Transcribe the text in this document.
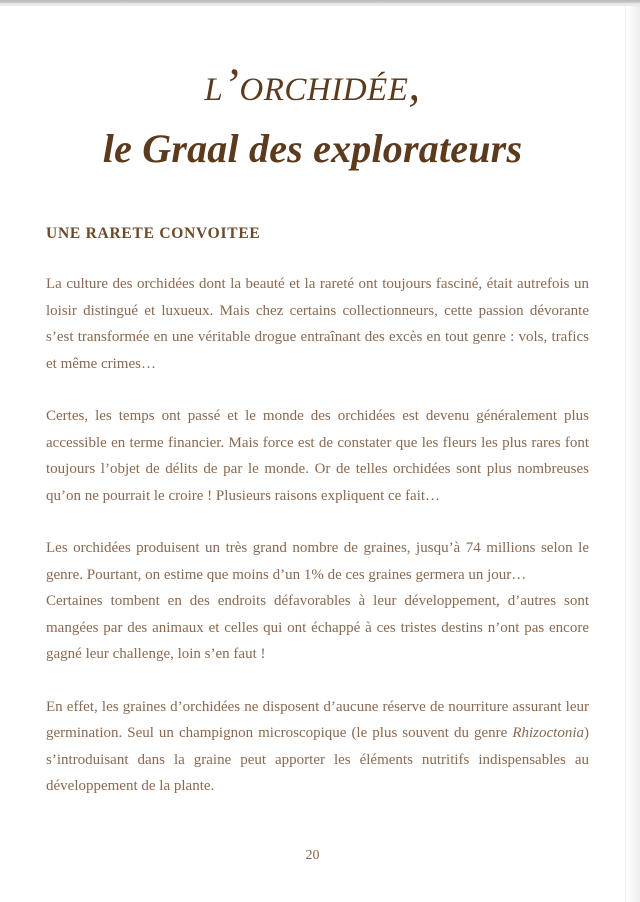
l’orchidée,
le Graal des explorateurs
UNE RARETE CONVOITEE

La culture des orchidées dont la beauté et la rareté ont toujours fasciné, était autrefois un loisir distingué et luxueux. Mais chez certains collectionneurs, cette passion dévorante s’est transformée en une véritable drogue entraînant des excès en tout genre : vols, trafics et même crimes…

Certes, les temps ont passé et le monde des orchidées est devenu généralement plus accessible en terme financier. Mais force est de constater que les fleurs les plus rares font toujours l’objet de délits de par le monde. Or de telles orchidées sont plus nombreuses qu’on ne pourrait le croire ! Plusieurs raisons expliquent ce fait…

Les orchidées produisent un très grand nombre de graines, jusqu’à 74 millions selon le genre. Pourtant, on estime que moins d’un 1% de ces graines germera un jour…

Certaines tombent en des endroits défavorables à leur développement, d’autres sont mangées par des animaux et celles qui ont échappé à ces tristes destins n’ont pas encore gagné leur challenge, loin s’en faut !

En effet, les graines d’orchidées ne disposent d’aucune réserve de nourriture assurant leur germination. Seul un champignon microscopique (le plus souvent du genre Rhizoctonia) s’introduisant dans la graine peut apporter les éléments nutritifs indispensables au développement de la plante.

20
